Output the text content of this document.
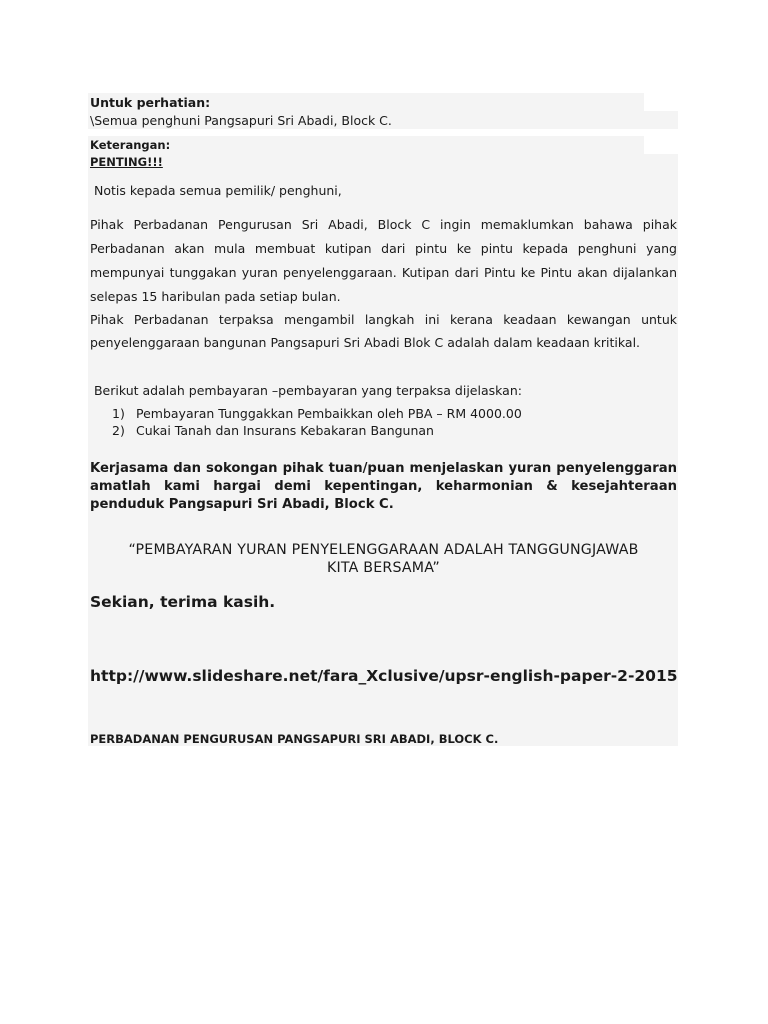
Untuk perhatian:
\Semua penghuni Pangsapuri Sri Abadi, Block C.
Keterangan:
PENTING!!!
Notis kepada semua pemilik/ penghuni,
Pihak Perbadanan Pengurusan Sri Abadi, Block C ingin memaklumkan bahawa pihak
Perbadanan akan mula membuat kutipan dari pintu ke pintu kepada penghuni yang
mempunyai tunggakan yuran penyelenggaraan. Kutipan dari Pintu ke Pintu akan dijalankan
selepas 15 haribulan pada setiap bulan.
Pihak Perbadanan terpaksa mengambil langkah ini kerana keadaan kewangan untuk
penyelenggaraan bangunan Pangsapuri Sri Abadi Blok C adalah dalam keadaan kritikal.
Berikut adalah pembayaran –pembayaran yang terpaksa dijelaskan:
1) Pembayaran Tunggakkan Pembaikkan oleh PBA – RM 4000.00
2) Cukai Tanah dan Insurans Kebakaran Bangunan
Kerjasama dan sokongan pihak tuan/puan menjelaskan yuran penyelenggaran amatlah kami hargai demi kepentingan, keharmonian & kesejahteraan penduduk Pangsapuri Sri Abadi, Block C.
“PEMBAYARAN YURAN PENYELENGGARAAN ADALAH TANGGUNGJAWAB
KITA BERSAMA”
Sekian, terima kasih.
http://www.slideshare.net/fara_Xclusive/upsr-english-paper-2-2015
PERBADANAN PENGURUSAN PANGSAPURI SRI ABADI, BLOCK C.
